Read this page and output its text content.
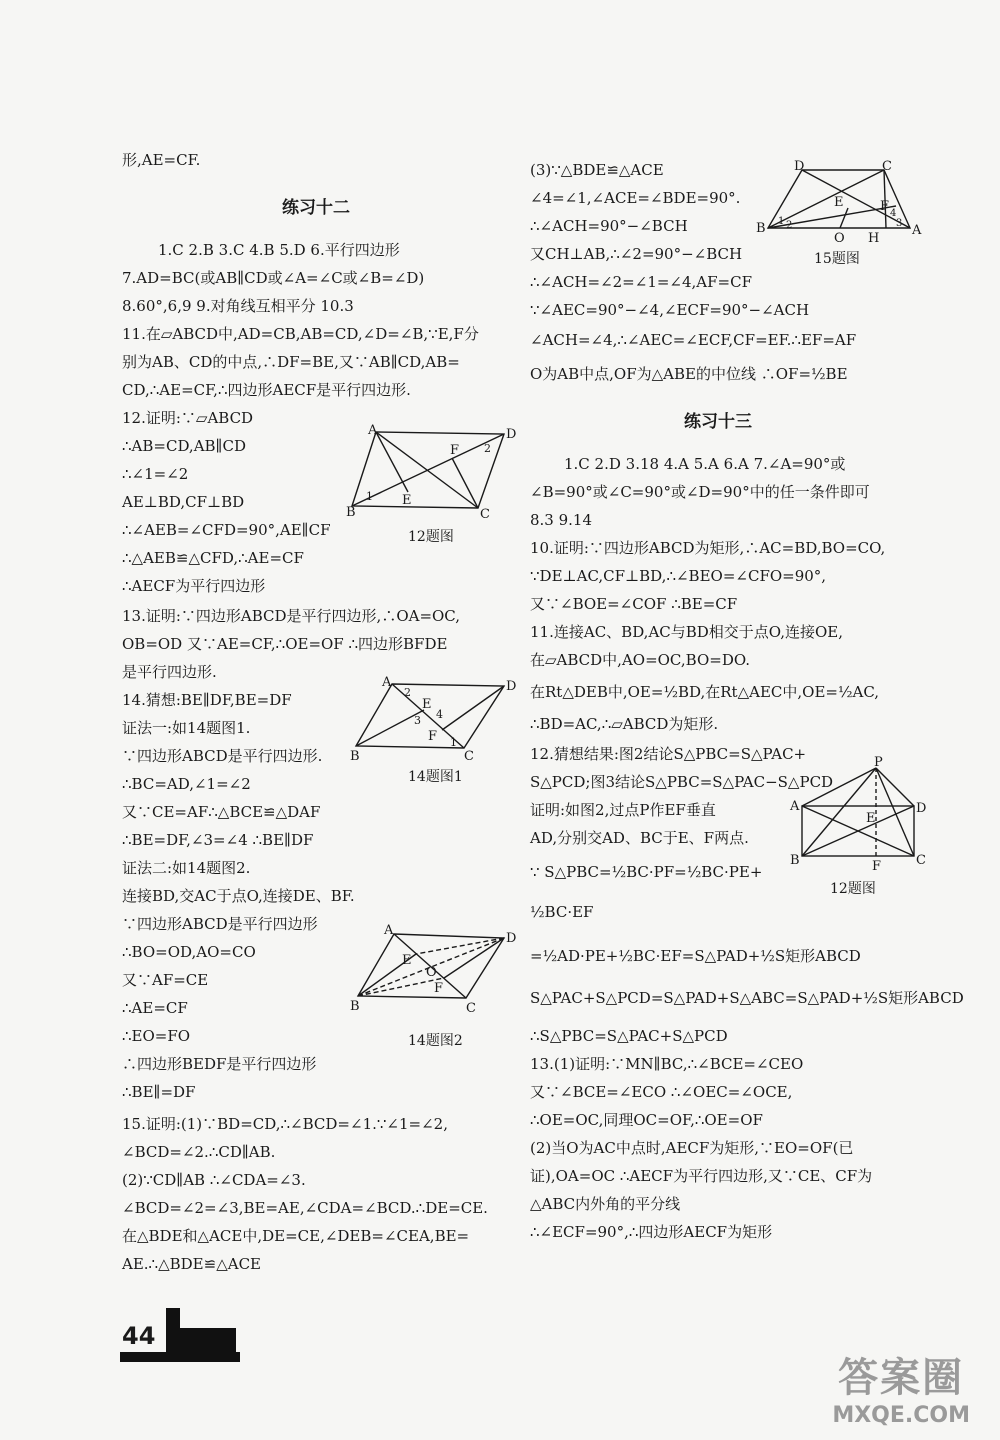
形,AE=CF.
练习十二
1.C 2.B 3.C 4.B 5.D 6.平行四边形
7.AD=BC(或AB∥CD或∠A=∠C或∠B=∠D)
8.60°,6,9 9.对角线互相平分 10.3
11.在▱ABCD中,AD=CB,AB=CD,∠D=∠B,∵E,F分
别为AB、CD的中点,∴DF=BE,又∵AB∥CD,AB=
CD,∴AE=CF,∴四边形AECF是平行四边形.
12.证明:∵▱ABCD
∴AB=CD,AB∥CD
∴∠1=∠2
AE⊥BD,CF⊥BD
∴∠AEB=∠CFD=90°,AE∥CF
∴△AEB≌△CFD,∴AE=CF
∴AECF为平行四边形
13.证明:∵四边形ABCD是平行四边形,∴OA=OC,
OB=OD 又∵AE=CF,∴OE=OF ∴四边形BFDE
是平行四边形.
14.猜想:BE∥DF,BE=DF
证法一:如14题图1.
∵四边形ABCD是平行四边形.
∴BC=AD,∠1=∠2
又∵CE=AF∴△BCE≌△DAF
∴BE=DF,∠3=∠4 ∴BE∥DF
证法二:如14题图2.
连接BD,交AC于点O,连接DE、BF.
∵四边形ABCD是平行四边形
∴BO=OD,AO=CO
又∵AF=CE
∴AE=CF
∴EO=FO
∴四边形BEDF是平行四边形
∴BE∥=DF
15.证明:(1)∵BD=CD,∴∠BCD=∠1.∵∠1=∠2,
∠BCD=∠2.∴CD∥AB.
(2)∵CD∥AB ∴∠CDA=∠3.
∠BCD=∠2=∠3,BE=AE,∠CDA=∠BCD.∴DE=CE.
在△BDE和△ACE中,DE=CE,∠DEB=∠CEA,BE=
AE.∴△BDE≌△ACE
A	D
B	C
E
F
1
2
12题图
A	D
B	C
E
F 1
2
3 4
14题图1
A
D
B	C
E
F
O
14题图2
(3)∵△BDE≌△ACE
∠4=∠1,∠ACE=∠BDE=90°.
∴∠ACH=90°−∠BCH
又CH⊥AB,∴∠2=90°−∠BCH
∴∠ACH=∠2=∠1=∠4,AF=CF
∵∠AEC=90°−∠4,∠ECF=90°−∠ACH
∠ACH=∠4,∴∠AEC=∠ECF,CF=EF.∴EF=AF
O为AB中点,OF为△ABE的中位线 ∴OF=½BE
练习十三
1.C 2.D 3.18 4.A 5.A 6.A 7.∠A=90°或
∠B=90°或∠C=90°或∠D=90°中的任一条件即可
8.3 9.14
10.证明:∵四边形ABCD为矩形,∴AC=BD,BO=CO,
∵DE⊥AC,CF⊥BD,∴∠BEO=∠CFO=90°,
又∵∠BOE=∠COF ∴BE=CF
11.连接AC、BD,AC与BD相交于点O,连接OE,
在▱ABCD中,AO=OC,BO=DO.
在Rt△DEB中,OE=½BD,在Rt△AEC中,OE=½AC,
∴BD=AC,∴▱ABCD为矩形.
12.猜想结果:图2结论S△PBC=S△PAC+
S△PCD;图3结论S△PBC=S△PAC−S△PCD
证明:如图2,过点P作EF垂直
AD,分别交AD、BC于E、F两点.
∵ S△PBC=½BC·PF=½BC·PE+
½BC·EF
=½AD·PE+½BC·EF=S△PAD+½S矩形ABCD
S△PAC+S△PCD=S△PAD+S△ABC=S△PAD+½S矩形ABCD
∴S△PBC=S△PAC+S△PCD
13.(1)证明:∵MN∥BC,∴∠BCE=∠CEO
又∵∠BCE=∠ECO ∴∠OEC=∠OCE,
∴OE=OC,同理OC=OF,∴OE=OF
(2)当O为AC中点时,AECF为矩形,∵EO=OF(已
证),OA=OC ∴AECF为平行四边形,又∵CE、CF为
△ABC内外角的平分线
∴∠ECF=90°,∴四边形AECF为矩形
D	C
B	A
E	F
O H
1 2	3
4
15题图
P
A	D
B	C
E
F
12题图
44
答案圈
MXQE.COM
